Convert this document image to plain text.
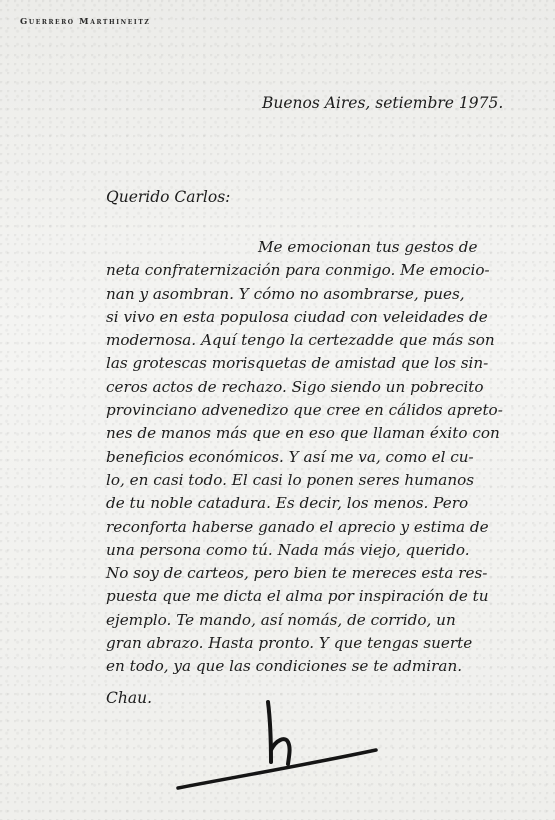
Guerrero Marthineitz
Buenos Aires, setiembre 1975.
Querido Carlos:
Me emocionan tus gestos de
neta confraternización para conmigo. Me emocio-
nan y asombran. Y cómo no asombrarse, pues,
si vivo en esta populosa ciudad con veleidades de
modernosa. Aquí tengo la certezadde que más son
las grotescas morisquetas de amistad que los sin-
ceros actos de rechazo. Sigo siendo un pobrecito
provinciano advenedizo que cree en cálidos apreto-
nes de manos más que en eso que llaman éxito con
beneficios económicos. Y así me va, como el cu-
lo, en casi todo. El casi lo ponen seres humanos
de tu noble catadura. Es decir, los menos. Pero
reconforta haberse ganado el aprecio y estima de
una persona como tú. Nada más viejo, querido.
No soy de carteos, pero bien te mereces esta res-
puesta que me dicta el alma por inspiración de tu
ejemplo. Te mando, así nomás, de corrido, un
gran abrazo. Hasta pronto. Y que tengas suerte
en todo, ya que las condiciones se te admiran.
Chau.
